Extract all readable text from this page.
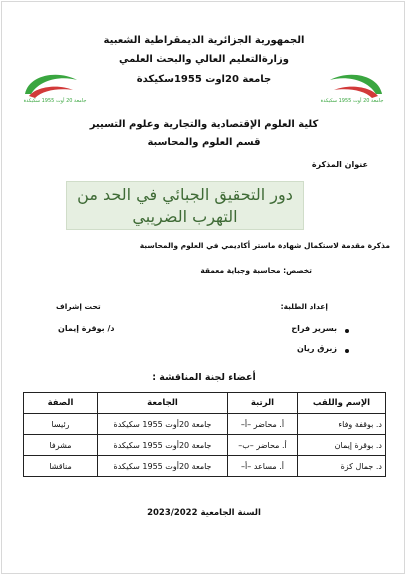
الجمهورية الجزائرية الديمقراطية الشعبية
وزارةالتعليم العالي والبحث العلمي
جامعة 20اوت 1955سكيكدة
جامعة 20 أوت 1955 سكيكدة	جامعة 20 أوت 1955 سكيكدة
كلية العلوم الإقتصادية والتجارية وعلوم التسيير
قسم العلوم والمحاسبة
عنوان المذكرة
دور التحقيق الجبائي في الحد من التهرب الضريبي
مذكرة مقدمة لاستكمال شهادة ماستر أكاديمي في العلوم والمحاسبة
تخصص: محاسبة وجباية معمقة
إعداد الطلبة:
بسرير فراح
زبرق ريان
تحت إشراف
د/ بوقرة إيمان
أعضاء لجنة المناقشة :
الإسم واللقب	الرتبة	الجامعة	الصفة
د. بوقفة وفاء	أ. محاضر –أ–	جامعة 20أوت 1955 سكيكدة	رئيسا
د. بوقرة إيمان	أ. محاضر –ب–	جامعة 20أوت 1955 سكيكدة	مشرفا
د. جمال كزة	أ. مساعد –أ–	جامعة 20أوت 1955 سكيكدة	مناقشا
السنة الجامعية 2023/2022
